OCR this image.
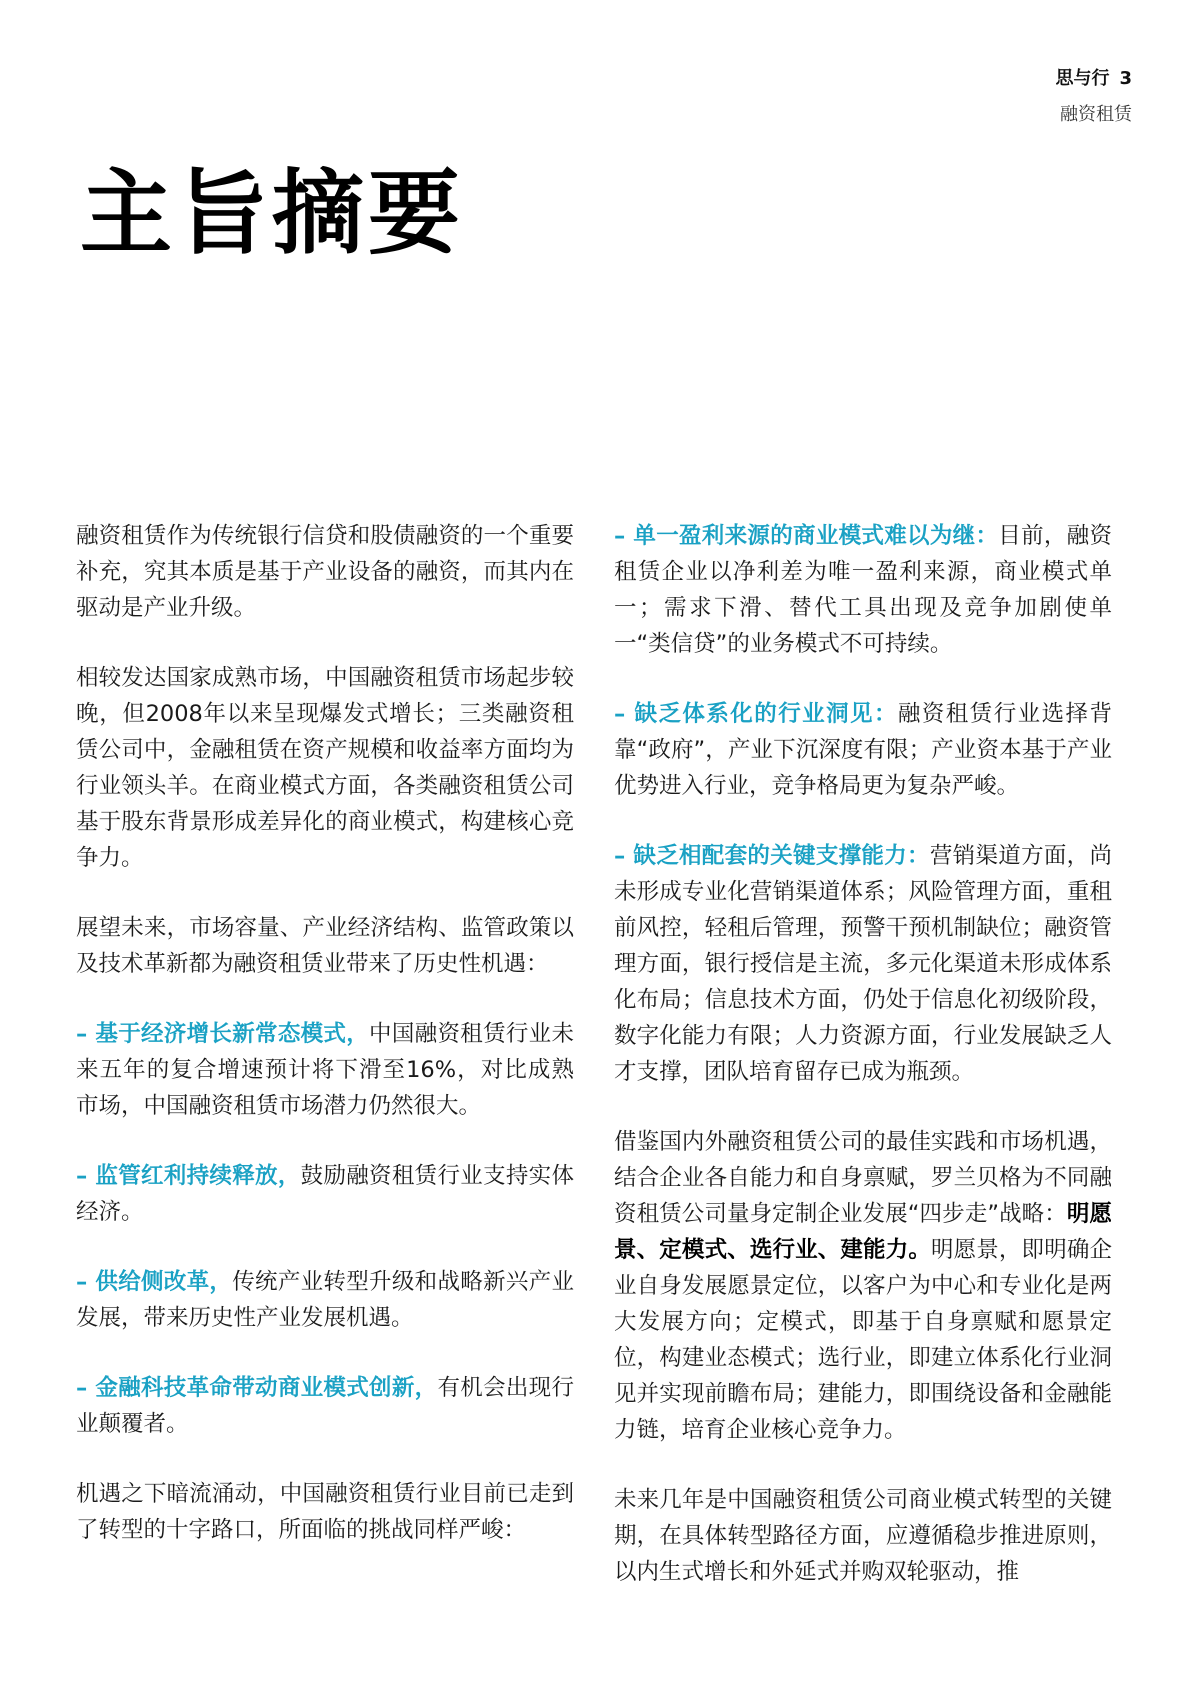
思与行 3
融资租赁
主旨摘要

融资租赁作为传统银行信贷和股债融资的一个重要补充，究其本质是基于产业设备的融资，而其内在驱动是产业升级。

相较发达国家成熟市场，中国融资租赁市场起步较晚，但2008年以来呈现爆发式增长；三类融资租赁公司中，金融租赁在资产规模和收益率方面均为行业领头羊。在商业模式方面，各类融资租赁公司基于股东背景形成差异化的商业模式，构建核心竞争力。

展望未来，市场容量、产业经济结构、监管政策以及技术革新都为融资租赁业带来了历史性机遇：

– 基于经济增长新常态模式，中国融资租赁行业未来五年的复合增速预计将下滑至16%，对比成熟市场，中国融资租赁市场潜力仍然很大。

– 监管红利持续释放，鼓励融资租赁行业支持实体经济。

– 供给侧改革，传统产业转型升级和战略新兴产业发展，带来历史性产业发展机遇。

– 金融科技革命带动商业模式创新，有机会出现行业颠覆者。

机遇之下暗流涌动，中国融资租赁行业目前已走到了转型的十字路口，所面临的挑战同样严峻：

– 单一盈利来源的商业模式难以为继：目前，融资租赁企业以净利差为唯一盈利来源，商业模式单一；需求下滑、替代工具出现及竞争加剧使单一“类信贷”的业务模式不可持续。

– 缺乏体系化的行业洞见：融资租赁行业选择背靠“政府”，产业下沉深度有限；产业资本基于产业优势进入行业，竞争格局更为复杂严峻。

– 缺乏相配套的关键支撑能力：营销渠道方面，尚未形成专业化营销渠道体系；风险管理方面，重租前风控，轻租后管理，预警干预机制缺位；融资管理方面，银行授信是主流，多元化渠道未形成体系化布局；信息技术方面，仍处于信息化初级阶段，数字化能力有限；人力资源方面，行业发展缺乏人才支撑，团队培育留存已成为瓶颈。

借鉴国内外融资租赁公司的最佳实践和市场机遇，结合企业各自能力和自身禀赋，罗兰贝格为不同融资租赁公司量身定制企业发展“四步走”战略：明愿景、定模式、选行业、建能力。明愿景，即明确企业自身发展愿景定位，以客户为中心和专业化是两大发展方向；定模式，即基于自身禀赋和愿景定位，构建业态模式；选行业，即建立体系化行业洞见并实现前瞻布局；建能力，即围绕设备和金融能力链，培育企业核心竞争力。

未来几年是中国融资租赁公司商业模式转型的关键期，在具体转型路径方面，应遵循稳步推进原则，以内生式增长和外延式并购双轮驱动，推
